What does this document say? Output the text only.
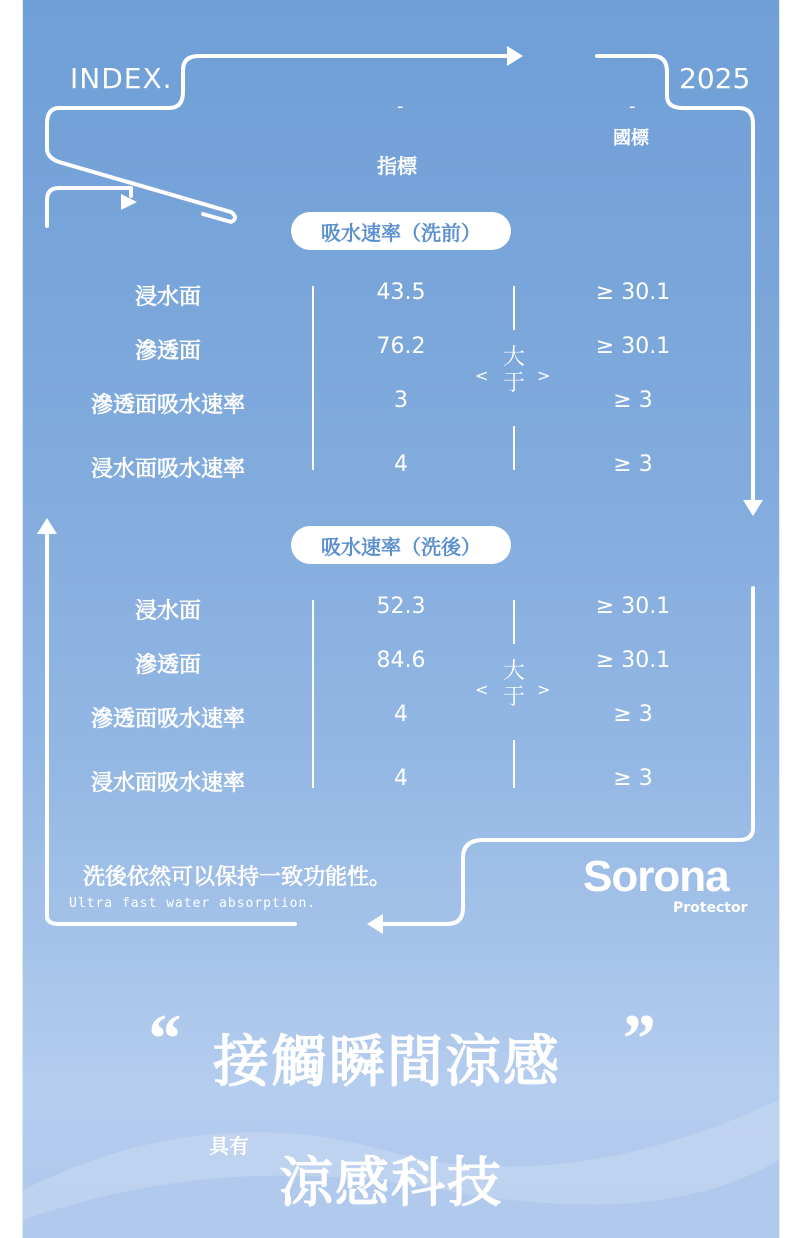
INDEX.	2025
-
指標
-
國標
吸水速率（洗前）
浸水面	43.5	≥ 30.1
滲透面	76.2	≥ 30.1
滲透面吸水速率	3	≥ 3
浸水面吸水速率	4	≥ 3
<
大
于 >
吸水速率（洗後）
浸水面	52.3	≥ 30.1
滲透面	84.6	≥ 30.1
滲透面吸水速率	4	≥ 3
浸水面吸水速率	4	≥ 3
<
大
于 >
洗後依然可以保持一致功能性。
Ultra fast water absorption.
Sorona
Protector
“ 接觸瞬間涼感 ”
具有
涼感科技
